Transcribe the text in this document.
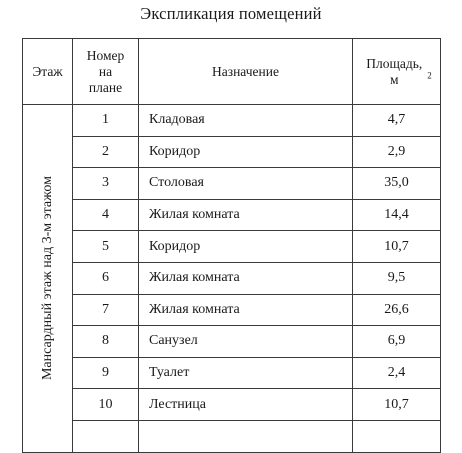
Экспликация помещений
Этаж	Номер на плане	Назначение	Площадь, м $^2$

Мансардный этаж над 3-м этажом	1	Кладовая	4,7
	2	Коридор	2,9
	3	Столовая	35,0
	4	Жилая комната	14,4
	5	Коридор	10,7
	6	Жилая комната	9,5
	7	Жилая комната	26,6
	8	Санузел	6,9
	9	Туалет	2,4
	10	Лестница	10,7
